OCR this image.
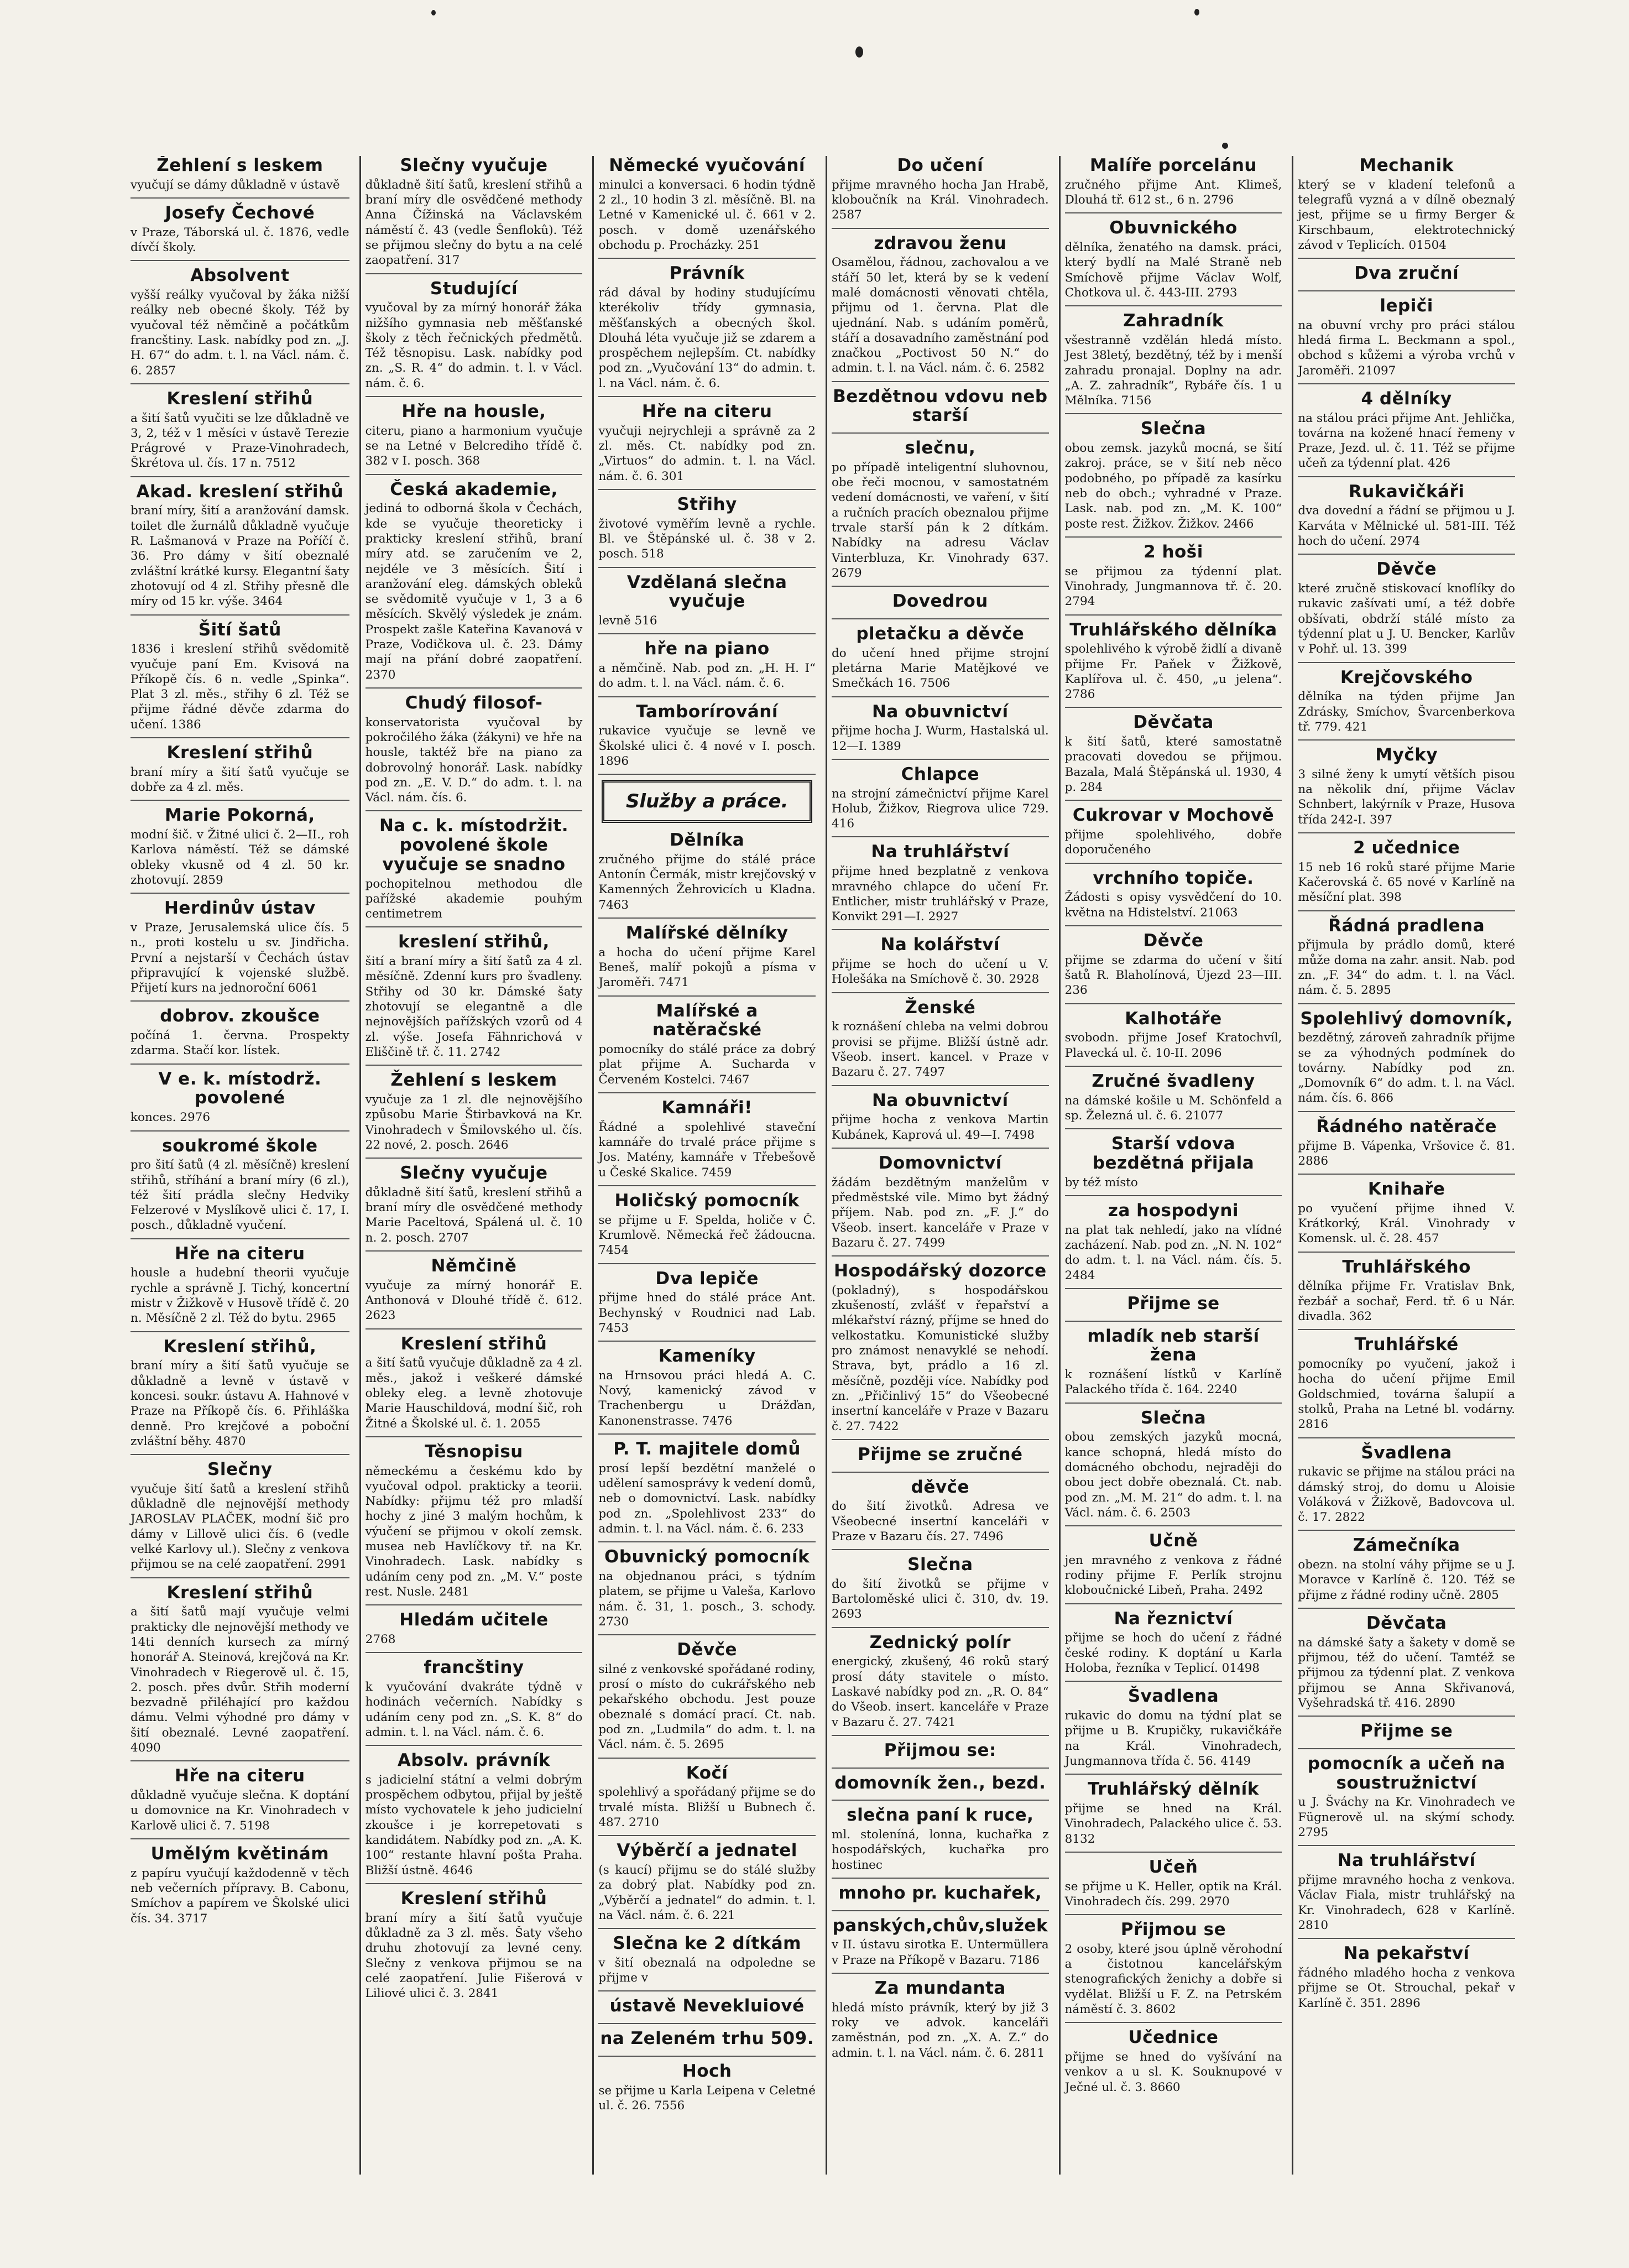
Žehlení s leskem

vyučují se dámy důkladně v ústavě

Josefy Čechové

v Praze, Táborská ul. č. 1876, vedle dívčí školy.

Absolvent

vyšší reálky vyučoval by žáka nižší reálky neb obecné školy. Též by vyučoval též němčině a počátkům francštiny. Lask. nabídky pod zn. „J. H. 67“ do adm. t. l. na Václ. nám. č. 6. 2857

Kreslení střihů

a šití šatů vyučiti se lze důkladně ve 3, 2, též v 1 měsíci v ústavě Terezie Prágrové v Praze-Vinohradech, Škrétova ul. čís. 17 n. 7512

Akad. kreslení střihů

braní míry, šití a aranžování damsk. toilet dle žurnálů důkladně vyučuje R. Lašmanová v Praze na Poříčí č. 36. Pro dámy v šití obeznalé zvláštní krátké kursy. Elegantní šaty zhotovují od 4 zl. Střihy přesně dle míry od 15 kr. výše. 3464

Šití šatů

1836 i kreslení střihů svědomitě vyučuje paní Em. Kvisová na Příkopě čís. 6 n. vedle „Spinka“. Plat 3 zl. měs., střihy 6 zl. Též se přijme řádné děvče zdarma do učení. 1386

Kreslení střihů

braní míry a šití šatů vyučuje se dobře za 4 zl. měs.

Marie Pokorná,

modní šič. v Žitné ulici č. 2—II., roh Karlova náměstí. Též se dámské obleky vkusně od 4 zl. 50 kr. zhotovují. 2859

Herdinův ústav

v Praze, Jerusalemská ulice čís. 5 n., proti kostelu u sv. Jindřicha. První a nejstarší v Čechách ústav připravující k vojenské službě. Přijetí kurs na jednoroční 6061

dobrov. zkoušce

počíná 1. června. Prospekty zdarma. Stačí kor. lístek.

V e. k. místodrž. povolené

konces. 2976

soukromé škole

pro šití šatů (4 zl. měsíčně) kreslení střihů, stříhání a braní míry (6 zl.), též šití prádla slečny Hedviky Felzerové v Myslíkově ulici č. 17, I. posch., důkladně vyučení.

Hře na citeru

housle a hudební theorii vyučuje rychle a správně J. Tichý, koncertní mistr v Žižkově v Husově třídě č. 20 n. Měsíčně 2 zl. Též do bytu. 2965

Kreslení střihů,

braní míry a šití šatů vyučuje se důkladně a levně v ústavě v koncesi. soukr. ústavu A. Hahnové v Praze na Příkopě čís. 6. Přihláška denně. Pro krejčové a poboční zvláštní běhy. 4870

Slečny

vyučuje šití šatů a kreslení střihů důkladně dle nejnovější methody JAROSLAV PLAČEK, modní šič pro dámy v Lillově ulici čís. 6 (vedle velké Karlovy ul.). Slečny z venkova přijmou se na celé zaopatření. 2991

Kreslení střihů

a šití šatů mají vyučuje velmi prakticky dle nejnovější methody ve 14ti denních kursech za mírný honorář A. Steinová, krejčová na Kr. Vinohradech v Riegerově ul. č. 15, 2. posch. přes dvůr. Střih moderní bezvadně přiléhající pro každou dámu. Velmi výhodné pro dámy v šití obeznalé. Levné zaopatření. 4090

Hře na citeru

důkladně vyučuje slečna. K doptání u domovnice na Kr. Vinohradech v Karlově ulici č. 7. 5198

Umělým květinám

z papíru vyučují každodenně v těch neb večerních přípravy. B. Cabonu, Smíchov a papírem ve Školské ulici čís. 34. 3717

Slečny vyučuje

důkladně šití šatů, kreslení střihů a braní míry dle osvědčené methody Anna Čížinská na Václavském náměstí č. 43 (vedle Šenflokû). Též se přijmou slečny do bytu a na celé zaopatření. 317

Studující

vyučoval by za mírný honorář žáka nižšího gymnasia neb měšťanské školy z těch řečnických předmětů. Též těsnopisu. Lask. nabídky pod zn. „S. R. 4“ do admin. t. l. v Václ. nám. č. 6.

Hře na housle,

citeru, piano a harmonium vyučuje se na Letné v Belcrediho třídě č. 382 v I. posch. 368

Česká akademie,

jediná to odborná škola v Čechách, kde se vyučuje theoreticky i prakticky kreslení střihů, braní míry atd. se zaručením ve 2, nejdéle ve 3 měsících. Šití i aranžování eleg. dámských obleků se svědomitě vyučuje v 1, 3 a 6 měsících. Skvělý výsledek je znám. Prospekt zašle Kateřina Kavanová v Praze, Vodičkova ul. č. 23. Dámy mají na přání dobré zaopatření. 2370

Chudý filosof-

konservatorista vyučoval by pokročilého žáka (žákyni) ve hře na housle, taktéž bře na piano za dobrovolný honorář. Lask. nabídky pod zn. „E. V. D.“ do adm. t. l. na Václ. nám. čís. 6.

Na c. k. místodržit. povolené škole vyučuje se snadno

pochopitelnou methodou dle pařížské akademie pouhým centimetrem

kreslení střihů,

šití a braní míry a šití šatů za 4 zl. měsíčně. Zdenní kurs pro švadleny. Střihy od 30 kr. Dámské šaty zhotovují se elegantně a dle nejnovějších pařížských vzorů od 4 zl. výše. Josefa Fähnrichová v Eliščině tř. č. 11. 2742

Žehlení s leskem

vyučuje za 1 zl. dle nejnovějšího způsobu Marie Štirbavková na Kr. Vinohradech v Šmilovského ul. čís. 22 nové, 2. posch. 2646

Slečny vyučuje

důkladně šití šatů, kreslení střihů a braní míry dle osvědčené methody Marie Paceltová, Spálená ul. č. 10 n. 2. posch. 2707

Němčině

vyučuje za mírný honorář E. Anthonová v Dlouhé třídě č. 612. 2623

Kreslení střihů

a šití šatů vyučuje důkladně za 4 zl. měs., jakož i veškeré dámské obleky eleg. a levně zhotovuje Marie Hauschildová, modní šič, roh Žitné a Školské ul. č. 1. 2055

Těsnopisu

německému a českému kdo by vyučoval odpol. prakticky a teorii. Nabídky: přijmu též pro mladší hochy z jiné 3 malým hochům, k výučení se přijmou v okolí zemsk. musea neb Havlíčkovy tř. na Kr. Vinohradech. Lask. nabídky s udáním ceny pod zn. „M. V.“ poste rest. Nusle. 2481

Hledám učitele

2768

francštiny

k vyučování dvakráte týdně v hodinách večerních. Nabídky s udáním ceny pod zn. „S. K. 8“ do admin. t. l. na Václ. nám. č. 6.

Absolv. právník

s jadicielní státní a velmi dobrým prospěchem odbytou, přijal by ještě místo vychovatele k jeho judicielní zkoušce i je korrepetovati s kandidátem. Nabídky pod zn. „A. K. 100“ restante hlavní pošta Praha. Bližší ústně. 4646

Kreslení střihů

braní míry a šití šatů vyučuje důkladně za 3 zl. měs. Šaty všeho druhu zhotovují za levné ceny. Slečny z venkova přijmou se na celé zaopatření. Julie Fišerová v Liliové ulici č. 3. 2841

Německé vyučování

minulci a konversaci. 6 hodin týdně 2 zl., 10 hodin 3 zl. měsíčně. Bl. na Letné v Kamenické ul. č. 661 v 2. posch. v domě uzenářského obchodu p. Procházky. 251

Právník

rád dával by hodiny studujícímu kterékoliv třídy gymnasia, měšťanských a obecných škol. Dlouhá léta vyučuje již se zdarem a prospěchem nejlepším. Ct. nabídky pod zn. „Vyučování 13“ do admin. t. l. na Václ. nám. č. 6.

Hře na citeru

vyučuji nejrychleji a správně za 2 zl. měs. Ct. nabídky pod zn. „Virtuos“ do admin. t. l. na Václ. nám. č. 6. 301

Střihy

životové vyměřím levně a rychle. Bl. ve Štěpánské ul. č. 38 v 2. posch. 518

Vzdělaná slečna vyučuje

levně 516

hře na piano

a němčině. Nab. pod zn. „H. H. I“ do adm. t. l. na Václ. nám. č. 6.

Tamborírování

rukavice vyučuje se levně ve Školské ulici č. 4 nové v I. posch. 1896

Služby a práce.
Dělníka

zručného přijme do stálé práce Antonín Čermák, mistr krejčovský v Kamenných Žehrovicích u Kladna. 7463

Malířské dělníky

a hocha do učení přijme Karel Beneš, malíř pokojů a písma v Jaroměři. 7471

Malířské a natěračské

pomocníky do stálé práce za dobrý plat přijme A. Suchardа v Červeném Kostelci. 7467

Kamnáři!

Řádné a spolehlivé staveční kamnáře do trvalé práce přijme s Jos. Matény, kamnáře v Třebešově u České Skalice. 7459

Holičský pomocník

se přijme u F. Spelda, holiče v Č. Krumlově. Německá řeč žádoucna. 7454

Dva lepiče

přijme hned do stálé práce Ant. Bechynský v Roudnici nad Lab. 7453

Kameníky

na Hrnsovou práci hledá A. C. Nový, kamenický závod v Trachenbergu u Drážďan, Kanonenstrasse. 7476

P. T. majitele domů

prosí lepší bezdětní manželé o udělení samosprávy k vedení domů, neb o domovnictví. Lask. nabídky pod zn. „Spolehlivost 233“ do admin. t. l. na Václ. nám. č. 6. 233

Obuvnický pomocník

na objednanou práci, s týdním platem, se přijme u Valeša, Karlovo nám. č. 31, 1. posch., 3. schody. 2730

Děvče

silné z venkovské spořádané rodiny, prosí o místo do cukrářského neb pekařského obchodu. Jest pouze obeznalé s domácí prací. Ct. nab. pod zn. „Ludmila“ do adm. t. l. na Václ. nám. č. 5. 2695

Kočí

spolehlivý a spořádaný přijme se do trvalé místa. Bližší u Bubnech č. 487. 2710

Výběrčí a jednatel

(s kaucí) přijmu se do stálé služby za dobrý plat. Nabídky pod zn. „Výběrčí a jednatel“ do admin. t. l. na Václ. nám. č. 6. 221

Slečna ke 2 dítkám

v šití obeznalá na odpoledne se přijme v

ústavě Nevekluiové
na Zeleném trhu 509.
Hoch

se přijme u Karla Leipena v Celetné ul. č. 26. 7556

Do učení

přijme mravného hocha Jan Hrabě, kloboučník na Král. Vinohradech. 2587

zdravou ženu

Osamělou, řádnou, zachovalou a ve stáří 50 let, která by se k vedení malé domácnosti věnovati chtěla, přijmu od 1. června. Plat dle ujednání. Nab. s udáním poměrů, stáří a dosavadního zaměstnání pod značkou „Poctivost 50 N.“ do admin. t. l. na Václ. nám. č. 6. 2582

Bezdětnou vdovu neb starší
slečnu,

po případě inteligentní sluhovnou, obe řeči mocnou, v samostatném vedení domácnosti, ve vaření, v šití a ručních pracích obeznalou přijme trvale starší pán k 2 dítkám. Nabídky na adresu Václav Vinterbluza, Kr. Vinohrady 637. 2679

Dovedrou
pletačku a děvče

do učení hned přijme strojní pletárna Marie Matějkové ve Smečkách 16. 7506

Na obuvnictví

přijme hocha J. Wurm, Hastalská ul. 12—I. 1389

Chlapce

na strojní zámečnictví přijme Karel Holub, Žižkov, Riegrova ulice 729. 416

Na truhlářství

přijme hned bezplatně z venkova mravného chlapce do učení Fr. Entlicher, mistr truhlářský v Praze, Konvikt 291—I. 2927

Na kolářství

přijme se hoch do učení u V. Holešáka na Smíchově č. 30. 2928

Ženské

k roznášení chleba na velmi dobrou provisi se přijme. Bližší ústně adr. Všeob. insert. kancel. v Praze v Bazaru č. 27. 7497

Na obuvnictví

přijme hocha z venkova Martin Kubánek, Kaprová ul. 49—I. 7498

Domovnictví

žádám bezdětným manželům v předměstské vile. Mimo byt žádný příjem. Nab. pod zn. „F. J.“ do Všeob. insert. kanceláře v Praze v Bazaru č. 27. 7499

Hospodářský dozorce

(pokladný), s hospodářskou zkušeností, zvlášť v řepařství a mlékařství rázný, příjme se hned do velkostatku. Komunistické služby pro známost nenavyklé se nehodí. Strava, byt, prádlo a 16 zl. měsíčně, později více. Nabídky pod zn. „Přičinlivý 15“ do Všeobecné insertní kanceláře v Praze v Bazaru č. 27. 7422

Přijme se zručné
děvče

do šití životků. Adresa ve Všeobecné insertní kanceláři v Praze v Bazaru čís. 27. 7496

Slečna

do šití životků se přijme v Bartoloměské ulici č. 310, dv. 19. 2693

Zednický polír

energický, zkušený, 46 roků starý prosí dáty stavitele o místo. Laskavé nabídky pod zn. „R. O. 84“ do Všeob. insert. kanceláře v Praze v Bazaru č. 27. 7421

Přijmou se:
domovník žen., bezd.
slečna paní k ruce,

ml. stoleníná, lonna, kuchařka z hospodářských, kuchařka pro hostinec

mnoho pr. kuchařek,
panských,chův,služek

v II. ústavu sirotka E. Untermüllera v Praze na Příkopě v Bazaru. 7186

Za mundanta

hledá místo právník, který by již 3 roky ve advok. kanceláři zaměstnán, pod zn. „X. A. Z.“ do admin. t. l. na Václ. nám. č. 6. 2811

Malíře porcelánu

zručného přijme Ant. Klimeš, Dlouhá tř. 612 st., 6 n. 2796

Obuvnického

dělníka, ženatého na damsk. práci, který bydlí na Malé Straně neb Smíchově přijme Václav Wolf, Chotkova ul. č. 443-III. 2793

Zahradník

všestranně vzdělán hledá místo. Jest 38letý, bezdětný, též by i menší zahradu pronajal. Doplny na adr. „A. Z. zahradník“, Rybáře čís. 1 u Mělníka. 7156

Slečna

obou zemsk. jazyků mocná, se šití zakroj. práce, se v šití neb něco podobného, po případě za kasírku neb do obch.; vyhradné v Praze. Lask. nab. pod zn. „M. K. 100“ poste rest. Žižkov. Žižkov. 2466

2 hoši

se přijmou za týdenní plat. Vinohrady, Jungmannova tř. č. 20. 2794

Truhlářského dělníka

spolehlivého k výrobě židlí a divaně přijme Fr. Paňek v Žižkově, Kaplířova ul. č. 450, „u jelena“. 2786

Děvčata

k šití šatů, které samostatně pracovati dovedou se přijmou. Bazala, Malá Štěpánská ul. 1930, 4 p. 284

Cukrovar v Mochově

přijme spolehlivého, dobře doporučeného

vrchního topiče.

Žádosti s opisy vysvědčení do 10. května na Hdistelství. 21063

Děvče

přijme se zdarma do učení v šití šatů R. Blaholínová, Újezd 23—III. 236

Kalhotáře

svobodn. přijme Josef Kratochvíl, Plavecká ul. č. 10-II. 2096

Zručné švadleny

na dámské košile u M. Schönfeld a sp. Železná ul. č. 6. 21077

Starší vdova bezdětná přijala

by též místo

za hospodyni

na plat tak nehledí, jako na vlídné zacházení. Nab. pod zn. „N. N. 102“ do adm. t. l. na Václ. nám. čís. 5. 2484

Přijme se
mladík neb starší žena

k roznášení lístků v Karlíně Palackého třída č. 164. 2240

Slečna

obou zemských jazyků mocná, kance schopná, hledá místo do domácného obchodu, nejraději do obou ject dobře obeznalá. Ct. nab. pod zn. „M. M. 21“ do adm. t. l. na Václ. nám. č. 6. 2503

Učně

jen mravného z venkova z řádné rodiny přijme F. Perlík strojnu kloboučnické Libeň, Praha. 2492

Na řeznictví

přijme se hoch do učení z řádné české rodiny. K doptání u Karla Holoba, řezníka v Teplicí. 01498

Švadlena

rukavic do domu na týdní plat se přijme u B. Krupičky, rukavičkáře na Král. Vinohradech, Jungmannova třída č. 56. 4149

Truhlářský dělník

přijme se hned na Král. Vinohradech, Palackého ulice č. 53. 8132

Učeň

se přijme u K. Heller, optik na Král. Vinohradech čís. 299. 2970

Přijmou se

2 osoby, které jsou úplně věrohodní a čistotnou kancelářským stenografických ženichy a dobře si vydělat. Bližší u F. Z. na Petrském náměstí č. 3. 8602

Učednice

přijme se hned do vyšívání na venkov a u sl. K. Souknupové v Ječné ul. č. 3. 8660

Mechanik

který se v kladení telefonů a telegrafů vyzná a v dílně obeznalý jest, přijme se u firmy Berger & Kirschbaum, elektrotechnický závod v Teplicích. 01504

Dva zruční
lepiči

na obuvní vrchy pro práci stálou hledá firma L. Beckmann a spol., obchod s kůžemi a výroba vrchů v Jaroměři. 21097

4 dělníky

na stálou práci přijme Ant. Jehlička, továrna na kožené hnací řemeny v Praze, Jezd. ul. č. 11. Též se přijme učeň za týdenní plat. 426

Rukavičkáři

dva dovední a řádní se přijmou u J. Karváta v Mělnické ul. 581-III. Též hoch do učení. 2974

Děvče

které zručně stiskovací knoflíky do rukavic zašívati umí, a též dobře obšívati, obdrží stálé místo za týdenní plat u J. U. Bencker, Karlův v Pohř. ul. 13. 399

Krejčovského

dělníka na týden přijme Jan Zdrásky, Smíchov, Švarcenberkova tř. 779. 421

Myčky

3 silné ženy k umytí větších pisou na několik dní, přijme Václav Schnbert, lakýrník v Praze, Husova třída 242-I. 397

2 učednice

15 neb 16 roků staré přijme Marie Kačerovská č. 65 nové v Karlíně na měsíční plat. 398

Řádná pradlena

přijmula by prádlo domů, které může doma na zahr. ansit. Nab. pod zn. „F. 34“ do adm. t. l. na Václ. nám. č. 5. 2895

Spolehlivý domovník,

bezdětný, zároveň zahradník přijme se za výhodných podmínek do továrny. Nabídky pod zn. „Domovník 6“ do adm. t. l. na Václ. nám. čís. 6. 866

Řádného natěrače

přijme B. Vápenka, Vršovice č. 81. 2886

Knihaře

po vyučení přijme ihned V. Krátkorký, Král. Vinohrady v Komensk. ul. č. 28. 457

Truhlářského

dělníka přijme Fr. Vratislav Bnk, řezbář a sochař, Ferd. tř. 6 u Nár. divadla. 362

Truhlářské

pomocníky po vyučení, jakož i hocha do učení přijme Emil Goldschmied, továrna šalupií a stolků, Praha na Letné bl. vodárny. 2816

Švadlena

rukavic se přijme na stálou práci na dámský stroj, do domu u Aloisie Voláková v Žižkově, Badovcova ul. č. 17. 2822

Zámečníka

obezn. na stolní váhy přijme se u J. Moravce v Karlíně č. 120. Též se přijme z řádné rodiny učně. 2805

Děvčata

na dámské šaty a šakety v domě se přijmou, též do učení. Tamtéž se přijmou za týdenní plat. Z venkova přijmou se Anna Skřivanová, Vyšehradská tř. 416. 2890

Přijme se
pomocník a učeň na soustružnictví

u J. Šváchy na Kr. Vinohradech ve Fügnerově ul. na skýmí schody. 2795

Na truhlářství

přijme mravného hocha z venkova. Václav Fiala, mistr truhlářský na Kr. Vinohradech, 628 v Karlíně. 2810

Na pekařství

řádného mladého hocha z venkova přijme se Ot. Strouchal, pekař v Karlíně č. 351. 2896
